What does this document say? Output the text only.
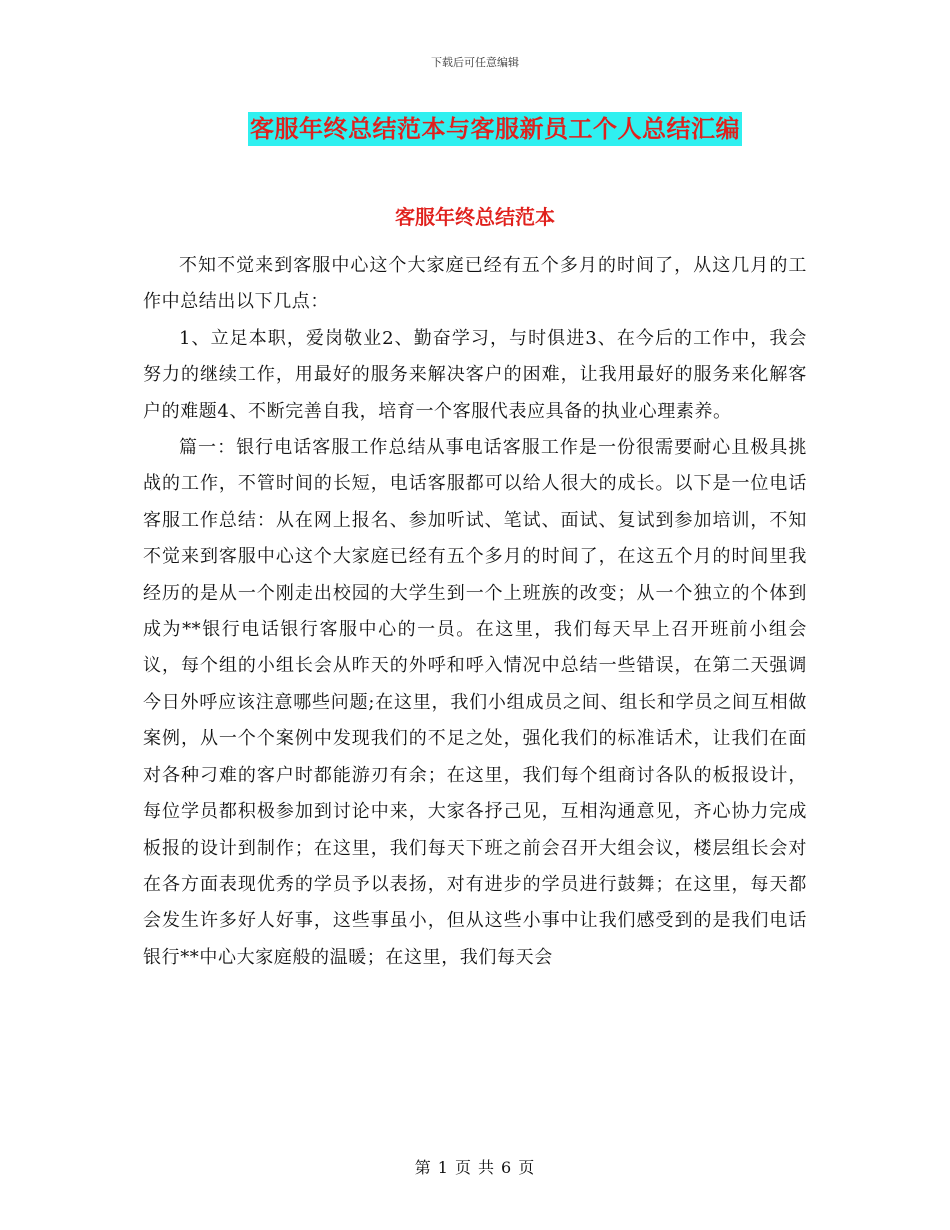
下载后可任意编辑
客服年终总结范本与客服新员工个人总结汇编
客服年终总结范本

不知不觉来到客服中心这个大家庭已经有五个多月的时间了，从这几月的工作中总结出以下几点：

1、立足本职，爱岗敬业2、勤奋学习，与时俱进3、在今后的工作中，我会努力的继续工作，用最好的服务来解决客户的困难，让我用最好的服务来化解客户的难题4、不断完善自我，培育一个客服代表应具备的执业心理素养。

篇一：银行电话客服工作总结从事电话客服工作是一份很需要耐心且极具挑战的工作，不管时间的长短，电话客服都可以给人很大的成长。以下是一位电话客服工作总结：从在网上报名、参加听试、笔试、面试、复试到参加培训，不知不觉来到客服中心这个大家庭已经有五个多月的时间了，在这五个月的时间里我经历的是从一个刚走出校园的大学生到一个上班族的改变；从一个独立的个体到成为**银行电话银行客服中心的一员。在这里，我们每天早上召开班前小组会议，每个组的小组长会从昨天的外呼和呼入情况中总结一些错误，在第二天强调今日外呼应该注意哪些问题;在这里，我们小组成员之间、组长和学员之间互相做案例，从一个个案例中发现我们的不足之处，强化我们的标准话术，让我们在面对各种刁难的客户时都能游刃有余；在这里，我们每个组商讨各队的板报设计，每位学员都积极参加到讨论中来，大家各抒己见，互相沟通意见，齐心协力完成板报的设计到制作；在这里，我们每天下班之前会召开大组会议，楼层组长会对在各方面表现优秀的学员予以表扬，对有进步的学员进行鼓舞；在这里，每天都会发生许多好人好事，这些事虽小，但从这些小事中让我们感受到的是我们电话银行**中心大家庭般的温暖；在这里，我们每天会

第 1 页 共 6 页
